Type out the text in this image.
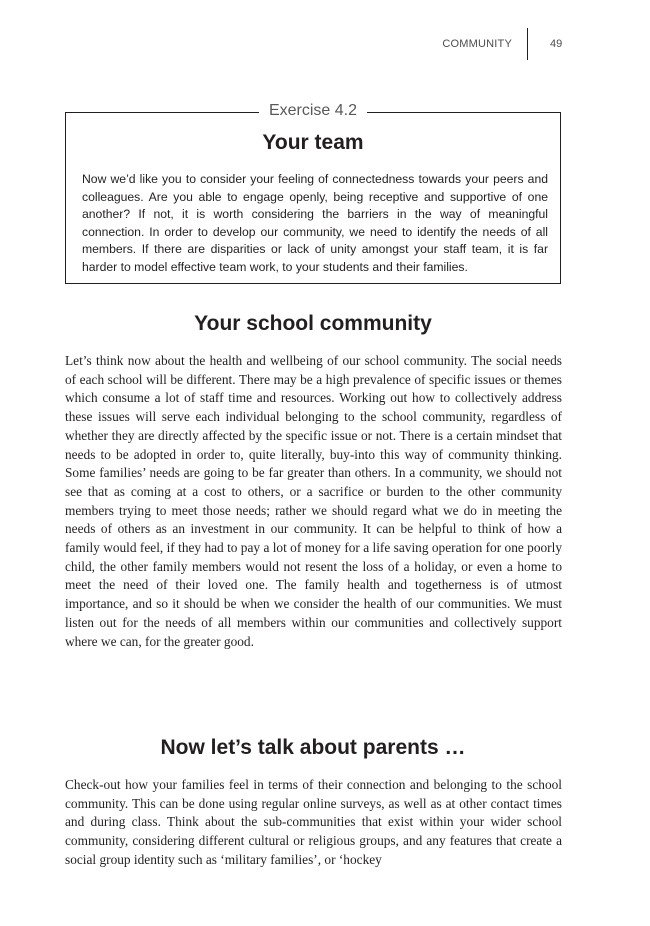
COMMUNITY	49
Exercise 4.2
Your team

Now we’d like you to consider your feeling of connectedness towards your peers and colleagues. Are you able to engage openly, being receptive and supportive of one another? If not, it is worth considering the barriers in the way of meaningful connection. In order to develop our community, we need to identify the needs of all members. If there are disparities or lack of unity amongst your staff team, it is far harder to model effective team work, to your students and their families.

Your school community

Let’s think now about the health and wellbeing of our school community. The social needs of each school will be different. There may be a high prevalence of specific issues or themes which consume a lot of staff time and resources. Working out how to collectively address these issues will serve each individual belonging to the school community, regardless of whether they are directly affected by the specific issue or not. There is a certain mindset that needs to be adopted in order to, quite literally, buy-into this way of community thinking. Some families’ needs are going to be far greater than others. In a community, we should not see that as coming at a cost to others, or a sacrifice or burden to the other community members trying to meet those needs; rather we should regard what we do in meeting the needs of others as an investment in our community. It can be helpful to think of how a family would feel, if they had to pay a lot of money for a life saving operation for one poorly child, the other family members would not resent the loss of a holiday, or even a home to meet the need of their loved one. The family health and togetherness is of utmost importance, and so it should be when we consider the health of our communities. We must listen out for the needs of all members within our communities and collectively support where we can, for the greater good.

Now let’s talk about parents …

Check-out how your families feel in terms of their connection and belonging to the school community. This can be done using regular online surveys, as well as at other contact times and during class. Think about the sub-communities that exist within your wider school community, considering different cultural or religious groups, and any features that create a social group identity such as ‘military families’, or ‘hockey
